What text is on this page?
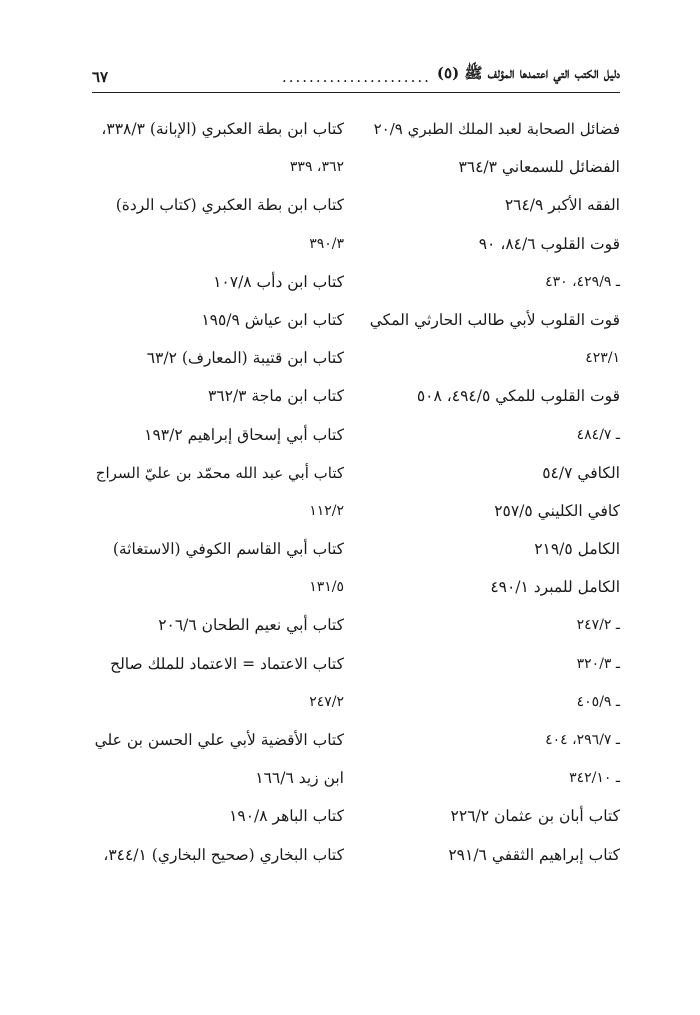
دليل الكتب التي اعتمدها المؤلف ﷺ (٥)
......................
٦٧
فضائل الصحابة لعبد الملك الطبري ٢٠/٩
الفضائل للسمعاني ٣٦٤/٣
الفقه الأكبر ٢٦٤/٩
قوت القلوب ٨٤/٦، ٩٠
ـ ٤٢٩/٩، ٤٣٠
قوت القلوب لأبي طالب الحارثي المكي
٤٢٣/١
قوت القلوب للمكي ٤٩٤/٥، ٥٠٨
ـ ٤٨٤/٧
الكافي ٥٤/٧
كافي الكليني ٢٥٧/٥
الكامل ٢١٩/٥
الكامل للمبرد ٤٩٠/١
ـ ٢٤٧/٢
ـ ٣٢٠/٣
ـ ٤٠٥/٩
ـ ٢٩٦/٧، ٤٠٤
ـ ٣٤٢/١٠
كتاب أبان بن عثمان ٢٢٦/٢
كتاب إبراهيم الثقفي ٢٩١/٦
كتاب ابن بطة العكبري (الإبانة) ٣٣٨/٣،
٣٦٢، ٣٣٩
كتاب ابن بطة العكبري (كتاب الردة)
٣٩٠/٣
كتاب ابن دأب ١٠٧/٨
كتاب ابن عياش ١٩٥/٩
كتاب ابن قتيبة (المعارف) ٦٣/٢
كتاب ابن ماجة ٣٦٢/٣
كتاب أبي إسحاق إبراهيم ١٩٣/٢
كتاب أبي عبد الله محمّد بن عليّ السراج
١١٢/٢
كتاب أبي القاسم الكوفي (الاستغاثة)
١٣١/٥
كتاب أبي نعيم الطحان ٢٠٦/٦
كتاب الاعتماد = الاعتماد للملك صالح
٢٤٧/٢
كتاب الأقضية لأبي علي الحسن بن علي
ابن زيد ١٦٦/٦
كتاب الباهر ١٩٠/٨
كتاب البخاري (صحيح البخاري) ٣٤٤/١،
